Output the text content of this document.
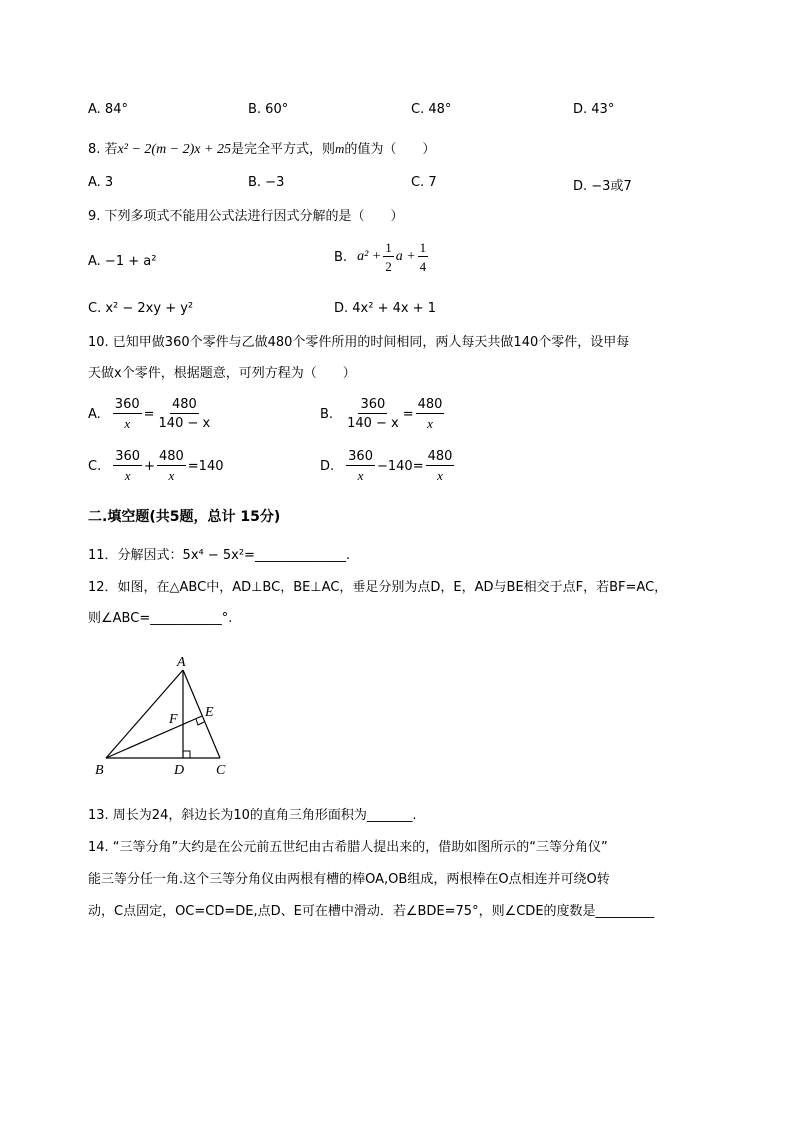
A. 84°	B. 60°	C. 48°	D. 43°
8. 若x² − 2(m − 2)x + 25是完全平方式，则m的值为（　　）
A. 3	B. −3	C. 7	D. −3或7
9. 下列多项式不能用公式法进行因式分解的是（　　）
A. −1 + a²	B. $a^2 + \frac{1}{2}$ $a + \frac{1}{4}$
C. x² − 2xy + y²	D. 4x² + 4x + 1
10. 已知甲做360个零件与乙做480个零件所用的时间相同，两人每天共做140个零件，设甲每
天做x个零件，根据题意，可列方程为（　　）
A. $\frac{360}{x} = \frac{480}{140 - x}$	B. $\frac{360}{140 - x} = \frac{480}{x}$
C. $\frac{360}{x} + \frac{480}{x} =140$	D. $\frac{360}{x} -140= \frac{480}{x}$
二.填空题(共5题，总计 15分)
11．分解因式：5x⁴ − 5x²=______________.
12．如图，在△ABC中，AD⊥BC，BE⊥AC，垂足分别为点D，E，AD与BE相交于点F，若BF=AC，
则∠ABC=___________°.
A
B	C
D
E
F
13. 周长为24，斜边长为10的直角三角形面积为_______.
14. “三等分角”大约是在公元前五世纪由古希腊人提出来的，借助如图所示的“三等分角仪”
能三等分任一角.这个三等分角仪由两根有槽的棒OA,OB组成，两根棒在O点相连并可绕O转
动，C点固定，OC=CD=DE,点D、E可在槽中滑动．若∠BDE=75°，则∠CDE的度数是_________
